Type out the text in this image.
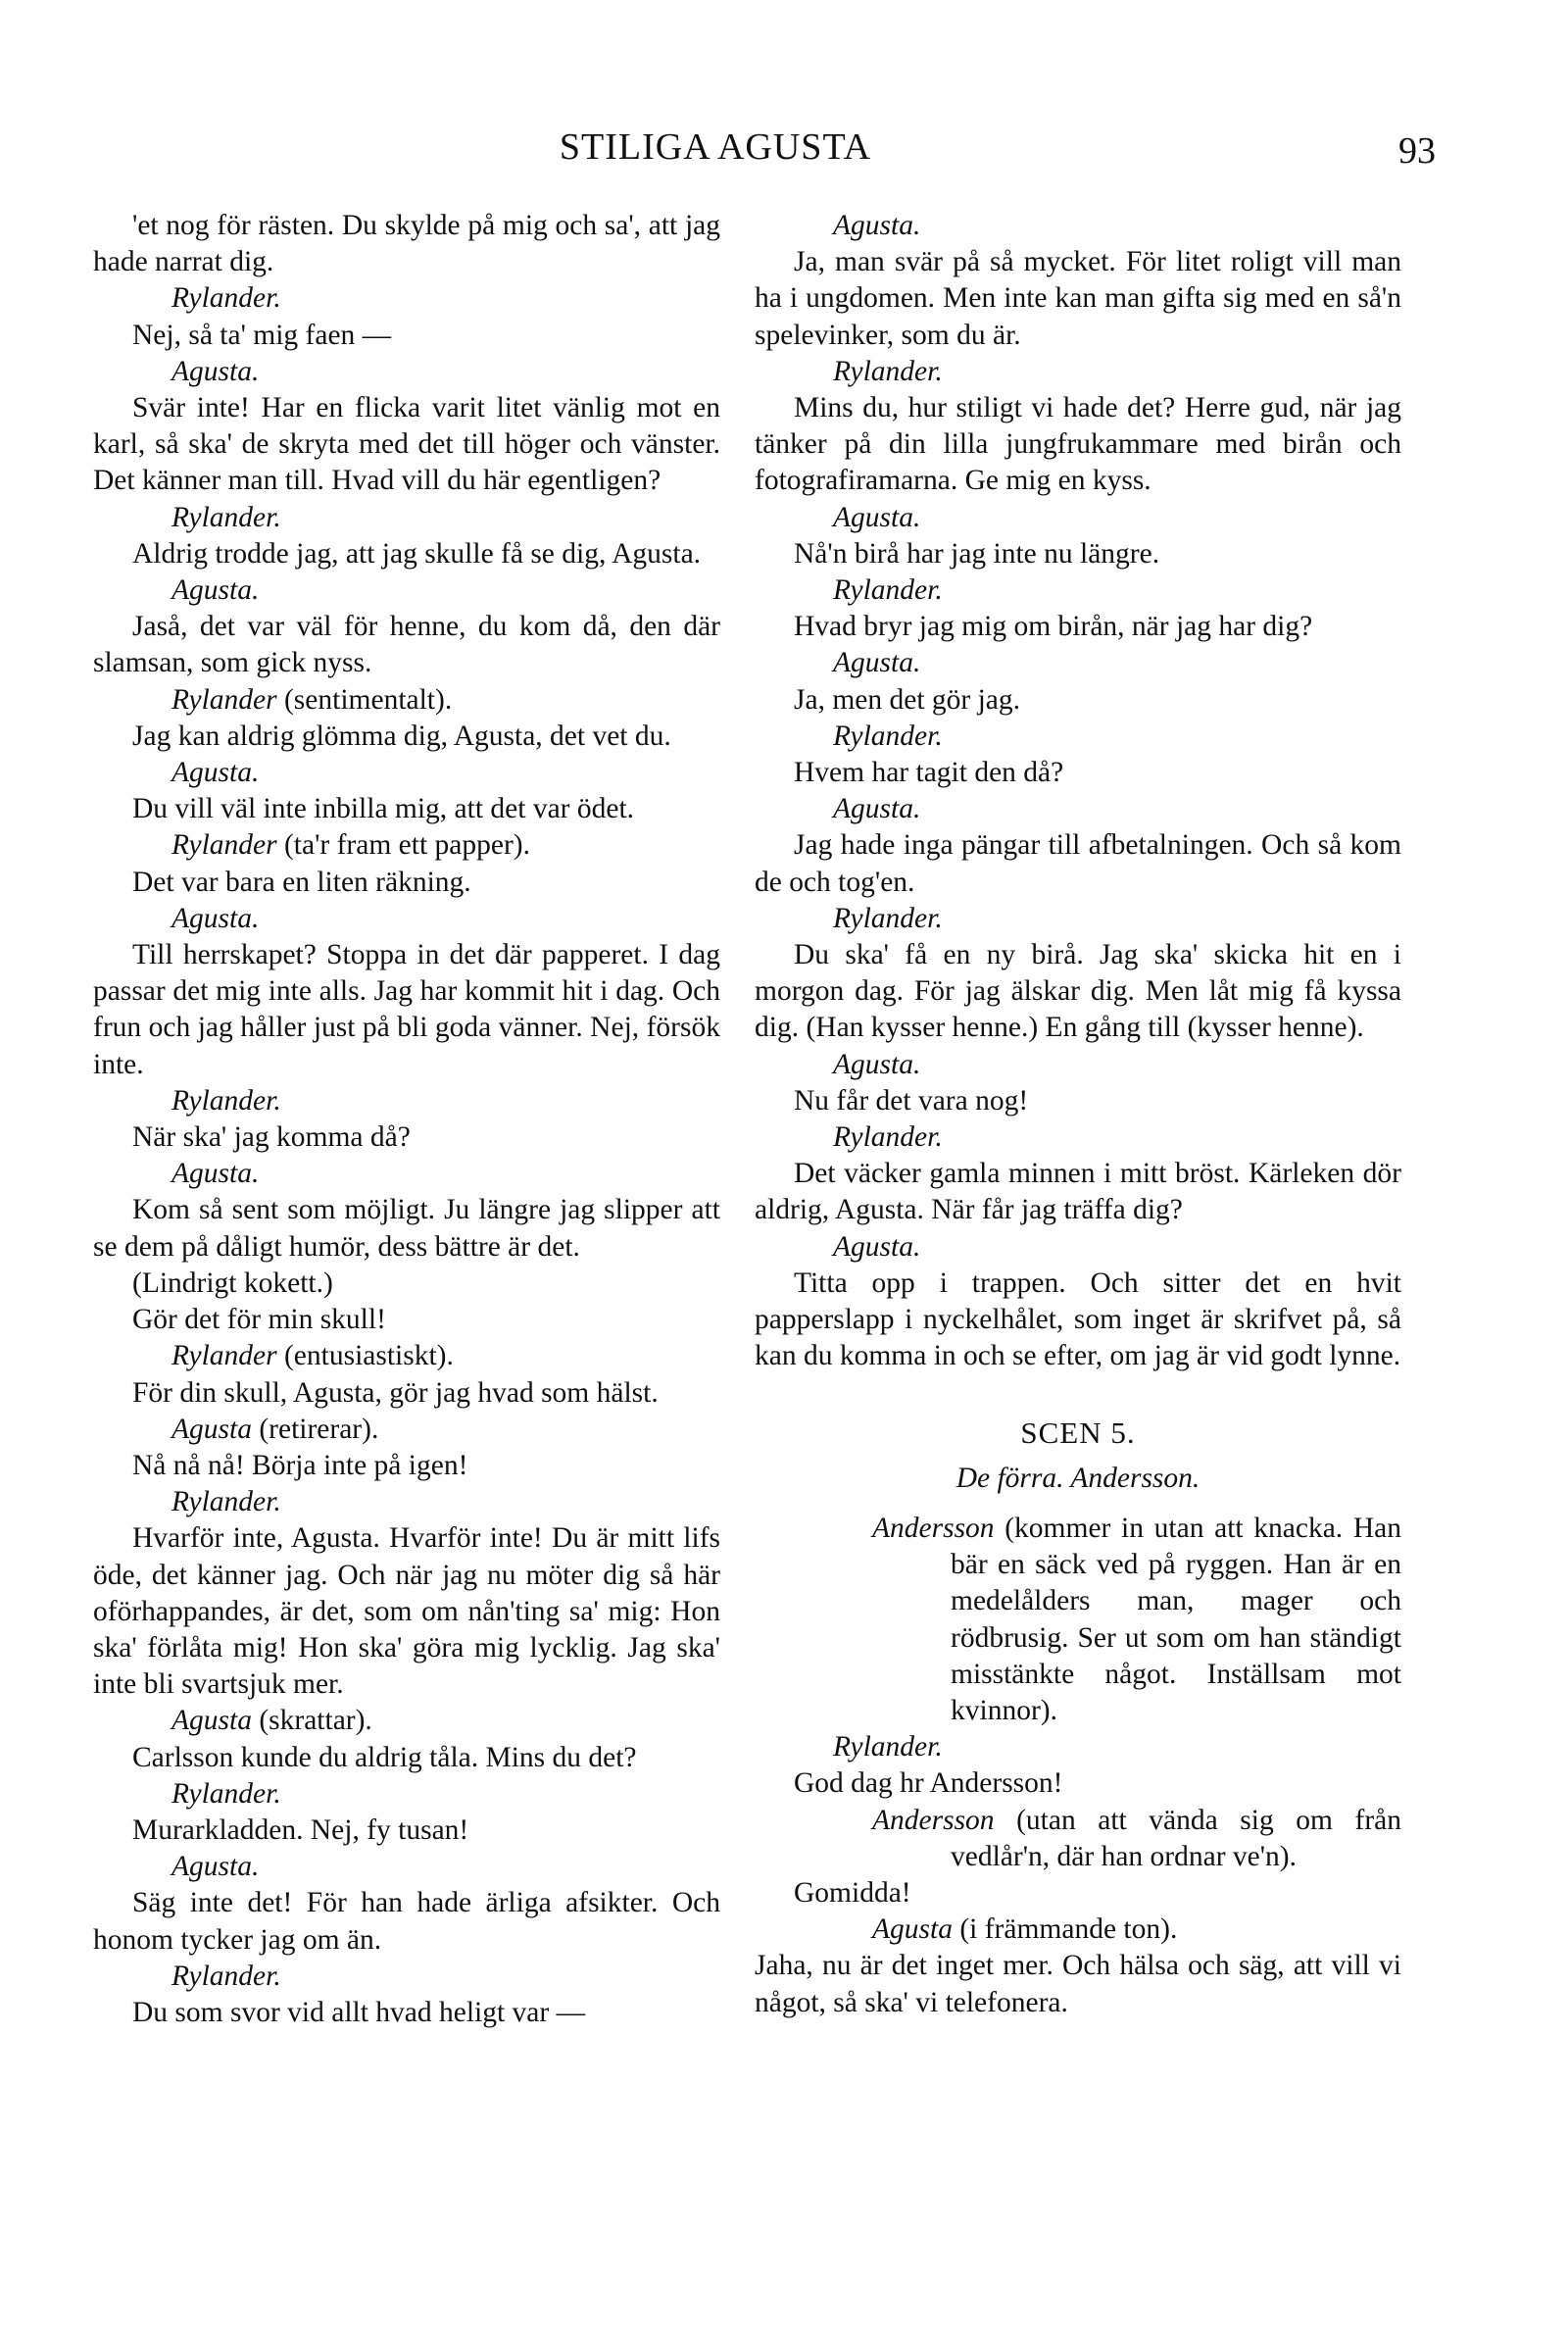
STILIGA AGUSTA	93

'et nog för rästen. Du skylde på mig och sa', att jag hade narrat dig.

Rylander.

Nej, så ta' mig faen —

Agusta.

Svär inte! Har en flicka varit litet vänlig mot en karl, så ska' de skryta med det till höger och vänster. Det känner man till. Hvad vill du här egentligen?

Rylander.

Aldrig trodde jag, att jag skulle få se dig, Agusta.

Agusta.

Jaså, det var väl för henne, du kom då, den där slamsan, som gick nyss.

Rylander (sentimentalt).

Jag kan aldrig glömma dig, Agusta, det vet du.

Agusta.

Du vill väl inte inbilla mig, att det var ödet.

Rylander (ta'r fram ett papper).

Det var bara en liten räkning.

Agusta.

Till herrskapet? Stoppa in det där papperet. I dag passar det mig inte alls. Jag har kommit hit i dag. Och frun och jag håller just på bli goda vänner. Nej, försök inte.

Rylander.

När ska' jag komma då?

Agusta.

Kom så sent som möjligt. Ju längre jag slipper att se dem på dåligt humör, dess bättre är det.

(Lindrigt kokett.)

Gör det för min skull!

Rylander (entusiastiskt).

För din skull, Agusta, gör jag hvad som hälst.

Agusta (retirerar).

Nå nå nå! Börja inte på igen!

Rylander.

Hvarför inte, Agusta. Hvarför inte! Du är mitt lifs öde, det känner jag. Och när jag nu möter dig så här oförhappandes, är det, som om nån'ting sa' mig: Hon ska' förlåta mig! Hon ska' göra mig lycklig. Jag ska' inte bli svartsjuk mer.

Agusta (skrattar).

Carlsson kunde du aldrig tåla. Mins du det?

Rylander.

Murarkladden. Nej, fy tusan!

Agusta.

Säg inte det! För han hade ärliga afsikter. Och honom tycker jag om än.

Rylander.

Du som svor vid allt hvad heligt var —

Agusta.

Ja, man svär på så mycket. För litet roligt vill man ha i ungdomen. Men inte kan man gifta sig med en så'n spelevinker, som du är.

Rylander.

Mins du, hur stiligt vi hade det? Herre gud, när jag tänker på din lilla jungfrukammare med birån och fotografiramarna. Ge mig en kyss.

Agusta.

Nå'n birå har jag inte nu längre.

Rylander.

Hvad bryr jag mig om birån, när jag har dig?

Agusta.

Ja, men det gör jag.

Rylander.

Hvem har tagit den då?

Agusta.

Jag hade inga pängar till afbetalningen. Och så kom de och tog'en.

Rylander.

Du ska' få en ny birå. Jag ska' skicka hit en i morgon dag. För jag älskar dig. Men låt mig få kyssa dig. (Han kysser henne.) En gång till (kysser henne).

Agusta.

Nu får det vara nog!

Rylander.

Det väcker gamla minnen i mitt bröst. Kärleken dör aldrig, Agusta. När får jag träffa dig?

Agusta.

Titta opp i trappen. Och sitter det en hvit papperslapp i nyckelhålet, som inget är skrifvet på, så kan du komma in och se efter, om jag är vid godt lynne.

SCEN 5.

De förra. Andersson.

Andersson (kommer in utan att knacka. Han bär en säck ved på ryggen. Han är en medelålders man, mager och rödbrusig. Ser ut som om han ständigt misstänkte något. Inställsam mot kvinnor).

Rylander.

God dag hr Andersson!

Andersson (utan att vända sig om från vedlår'n, där han ordnar ve'n).

Gomidda!

Agusta (i främmande ton).

Jaha, nu är det inget mer. Och hälsa och säg, att vill vi något, så ska' vi telefonera.
